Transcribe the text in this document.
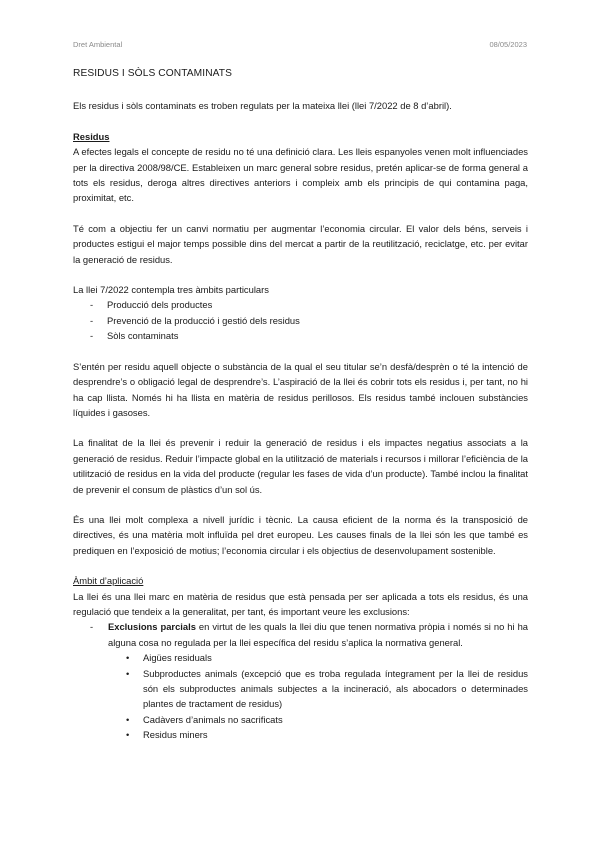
Dret Ambiental	08/05/2023
RESIDUS I SÒLS CONTAMINATS

Els residus i sòls contaminats es troben regulats per la mateixa llei (llei 7/2022 de 8 d’abril).

Residus

A efectes legals el concepte de residu no té una definició clara. Les lleis espanyoles venen molt influenciades per la directiva 2008/98/CE. Estableixen un marc general sobre residus, pretén aplicar-se de forma general a tots els residus, deroga altres directives anteriors i compleix amb els principis de qui contamina paga, proximitat, etc.

Té com a objectiu fer un canvi normatiu per augmentar l’economia circular. El valor dels béns, serveis i productes estigui el major temps possible dins del mercat a partir de la reutilització, reciclatge, etc. per evitar la generació de residus.

La llei 7/2022 contempla tres àmbits particulars

- Producció dels productes
- Prevenció de la producció i gestió dels residus
- Sòls contaminats

S’entén per residu aquell objecte o substància de la qual el seu titular se’n desfà/desprèn o té la intenció de desprendre’s o obligació legal de desprendre’s. L’aspiració de la llei és cobrir tots els residus i, per tant, no hi ha cap llista. Només hi ha llista en matèria de residus perillosos. Els residus també inclouen substàncies líquides i gasoses.

La finalitat de la llei és prevenir i reduir la generació de residus i els impactes negatius associats a la generació de residus. Reduir l’impacte global en la utilització de materials i recursos i millorar l’eficiència de la utilització de residus en la vida del producte (regular les fases de vida d’un producte). També inclou la finalitat de prevenir el consum de plàstics d’un sol ús.

És una llei molt complexa a nivell jurídic i tècnic. La causa eficient de la norma és la transposició de directives, és una matèria molt influïda pel dret europeu. Les causes finals de la llei són les que també es prediquen en l’exposició de motius; l’economia circular i els objectius de desenvolupament sostenible.

Àmbit d’aplicació

La llei és una llei marc en matèria de residus que està pensada per ser aplicada a tots els residus, és una regulació que tendeix a la generalitat, per tant, és important veure les exclusions:

- Exclusions parcials en virtut de les quals la llei diu que tenen normativa pròpia i només si no hi ha alguna cosa no regulada per la llei específica del residu s’aplica la normativa general.
• Aigües residuals
• Subproductes animals (excepció que es troba regulada íntegrament per la llei de residus són els subproductes animals subjectes a la incineració, als abocadors o determinades plantes de tractament de residus)
• Cadàvers d’animals no sacrificats
• Residus miners
